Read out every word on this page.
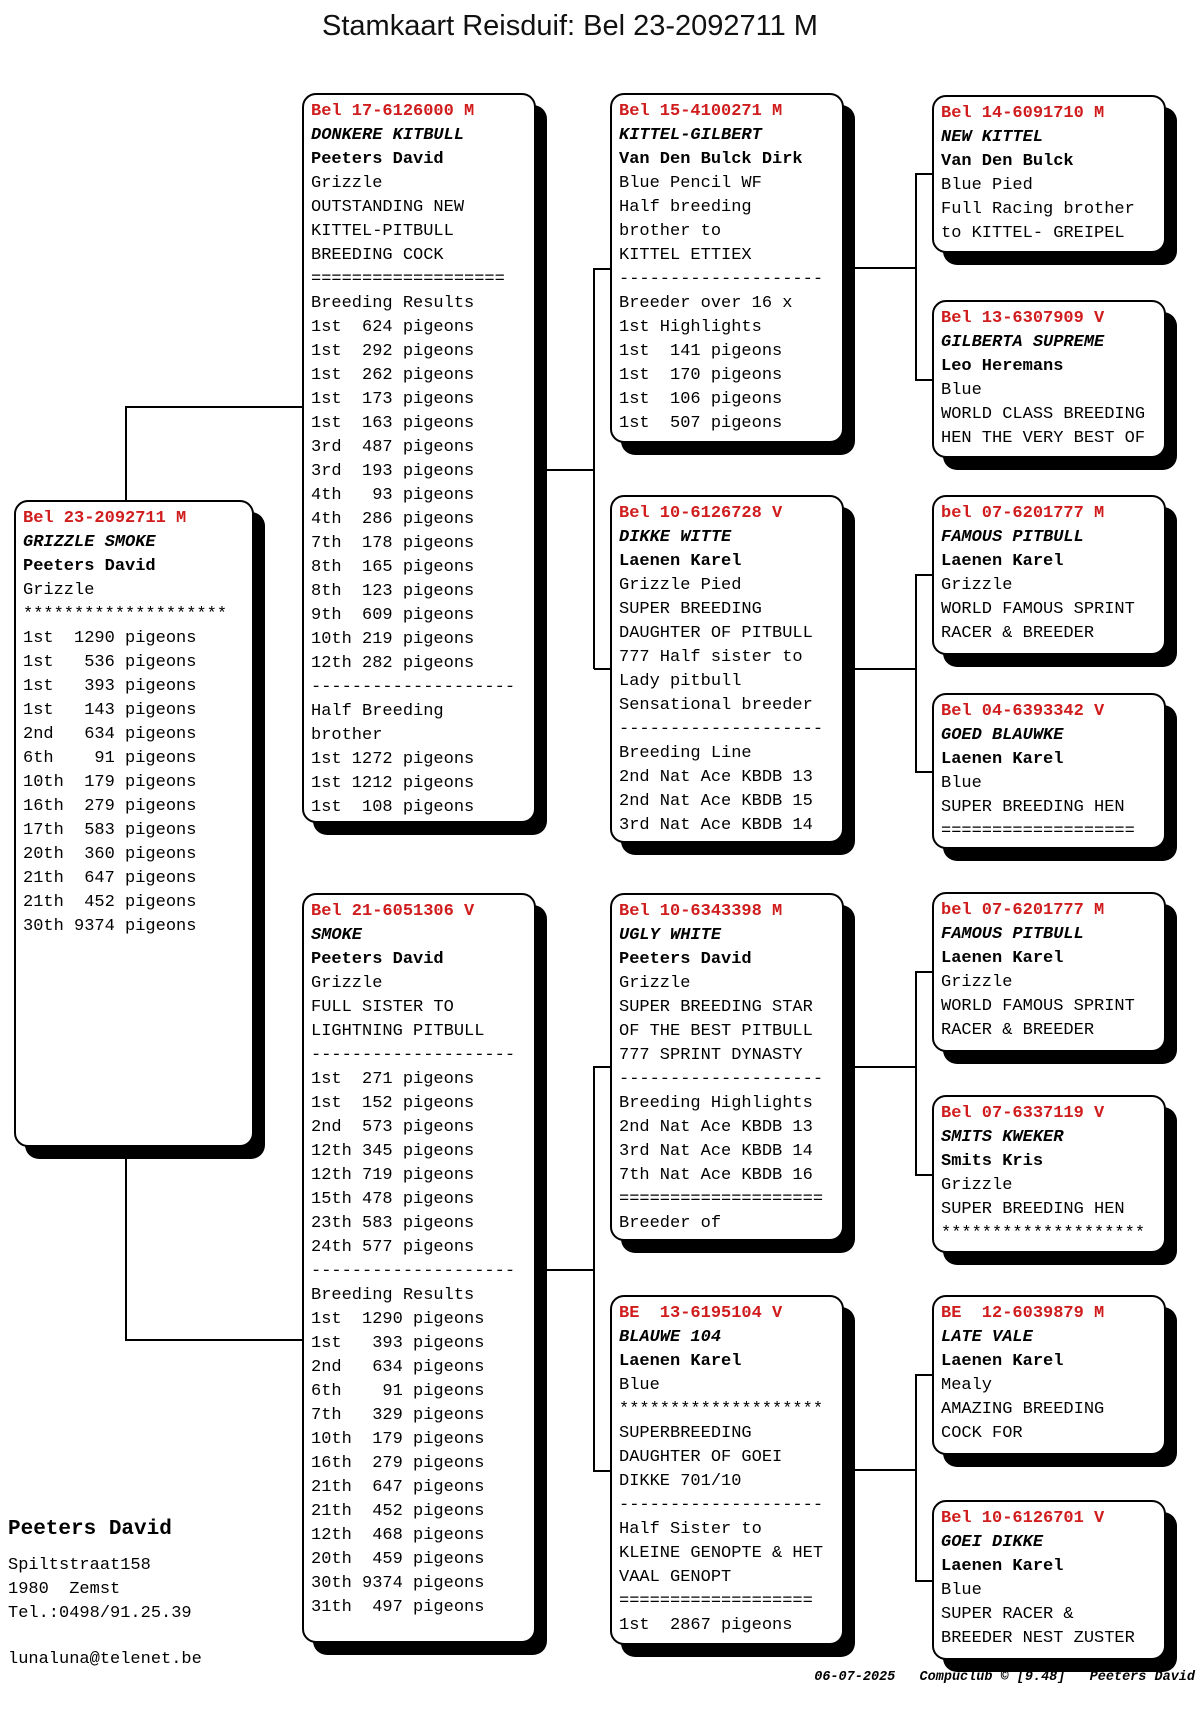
Stamkaart Reisduif: Bel 23-2092711 M
Bel 23-2092711 M
GRIZZLE SMOKE
Peeters David
Grizzle
********************
1st  1290 pigeons
1st   536 pigeons
1st   393 pigeons
1st   143 pigeons
2nd   634 pigeons
6th    91 pigeons
10th  179 pigeons
16th  279 pigeons
17th  583 pigeons
20th  360 pigeons
21th  647 pigeons
21th  452 pigeons
30th 9374 pigeons
Bel 17-6126000 M
DONKERE KITBULL
Peeters David
Grizzle
OUTSTANDING NEW
KITTEL-PITBULL
BREEDING COCK
===================
Breeding Results
1st  624 pigeons
1st  292 pigeons
1st  262 pigeons
1st  173 pigeons
1st  163 pigeons
3rd  487 pigeons
3rd  193 pigeons
4th   93 pigeons
4th  286 pigeons
7th  178 pigeons
8th  165 pigeons
8th  123 pigeons
9th  609 pigeons
10th 219 pigeons
12th 282 pigeons
--------------------
Half Breeding
brother
1st 1272 pigeons
1st 1212 pigeons
1st  108 pigeons
Bel 21-6051306 V
SMOKE
Peeters David
Grizzle
FULL SISTER TO
LIGHTNING PITBULL
--------------------
1st  271 pigeons
1st  152 pigeons
2nd  573 pigeons
12th 345 pigeons
12th 719 pigeons
15th 478 pigeons
23th 583 pigeons
24th 577 pigeons
--------------------
Breeding Results
1st  1290 pigeons
1st   393 pigeons
2nd   634 pigeons
6th    91 pigeons
7th   329 pigeons
10th  179 pigeons
16th  279 pigeons
21th  647 pigeons
21th  452 pigeons
12th  468 pigeons
20th  459 pigeons
30th 9374 pigeons
31th  497 pigeons
Bel 15-4100271 M
KITTEL-GILBERT
Van Den Bulck Dirk
Blue Pencil WF
Half breeding
brother to
KITTEL ETTIEX
--------------------
Breeder over 16 x
1st Highlights
1st  141 pigeons
1st  170 pigeons
1st  106 pigeons
1st  507 pigeons
Bel 10-6126728 V
DIKKE WITTE
Laenen Karel
Grizzle Pied
SUPER BREEDING
DAUGHTER OF PITBULL
777 Half sister to
Lady pitbull
Sensational breeder
--------------------
Breeding Line
2nd Nat Ace KBDB 13
2nd Nat Ace KBDB 15
3rd Nat Ace KBDB 14
Bel 10-6343398 M
UGLY WHITE
Peeters David
Grizzle
SUPER BREEDING STAR
OF THE BEST PITBULL
777 SPRINT DYNASTY
--------------------
Breeding Highlights
2nd Nat Ace KBDB 13
3rd Nat Ace KBDB 14
7th Nat Ace KBDB 16
====================
Breeder of
BE  13-6195104 V
BLAUWE 104
Laenen Karel
Blue
********************
SUPERBREEDING
DAUGHTER OF GOEI
DIKKE 701/10
--------------------
Half Sister to
KLEINE GENOPTE & HET
VAAL GENOPT
===================
1st  2867 pigeons
Bel 14-6091710 M
NEW KITTEL
Van Den Bulck
Blue Pied
Full Racing brother
to KITTEL- GREIPEL
Bel 13-6307909 V
GILBERTA SUPREME
Leo Heremans
Blue
WORLD CLASS BREEDING
HEN THE VERY BEST OF
bel 07-6201777 M
FAMOUS PITBULL
Laenen Karel
Grizzle
WORLD FAMOUS SPRINT
RACER & BREEDER
Bel 04-6393342 V
GOED BLAUWKE
Laenen Karel
Blue
SUPER BREEDING HEN
===================
bel 07-6201777 M
FAMOUS PITBULL
Laenen Karel
Grizzle
WORLD FAMOUS SPRINT
RACER & BREEDER
Bel 07-6337119 V
SMITS KWEKER
Smits Kris
Grizzle
SUPER BREEDING HEN
********************
BE  12-6039879 M
LATE VALE
Laenen Karel
Mealy
AMAZING BREEDING
COCK FOR
Bel 10-6126701 V
GOEI DIKKE
Laenen Karel
Blue
SUPER RACER &
BREEDER NEST ZUSTER
Peeters David
Spiltstraat158
1980  Zemst
Tel.:0498/91.25.39
lunaluna@telenet.be
06-07-2025   Compuclub © [9.48]   Peeters David
